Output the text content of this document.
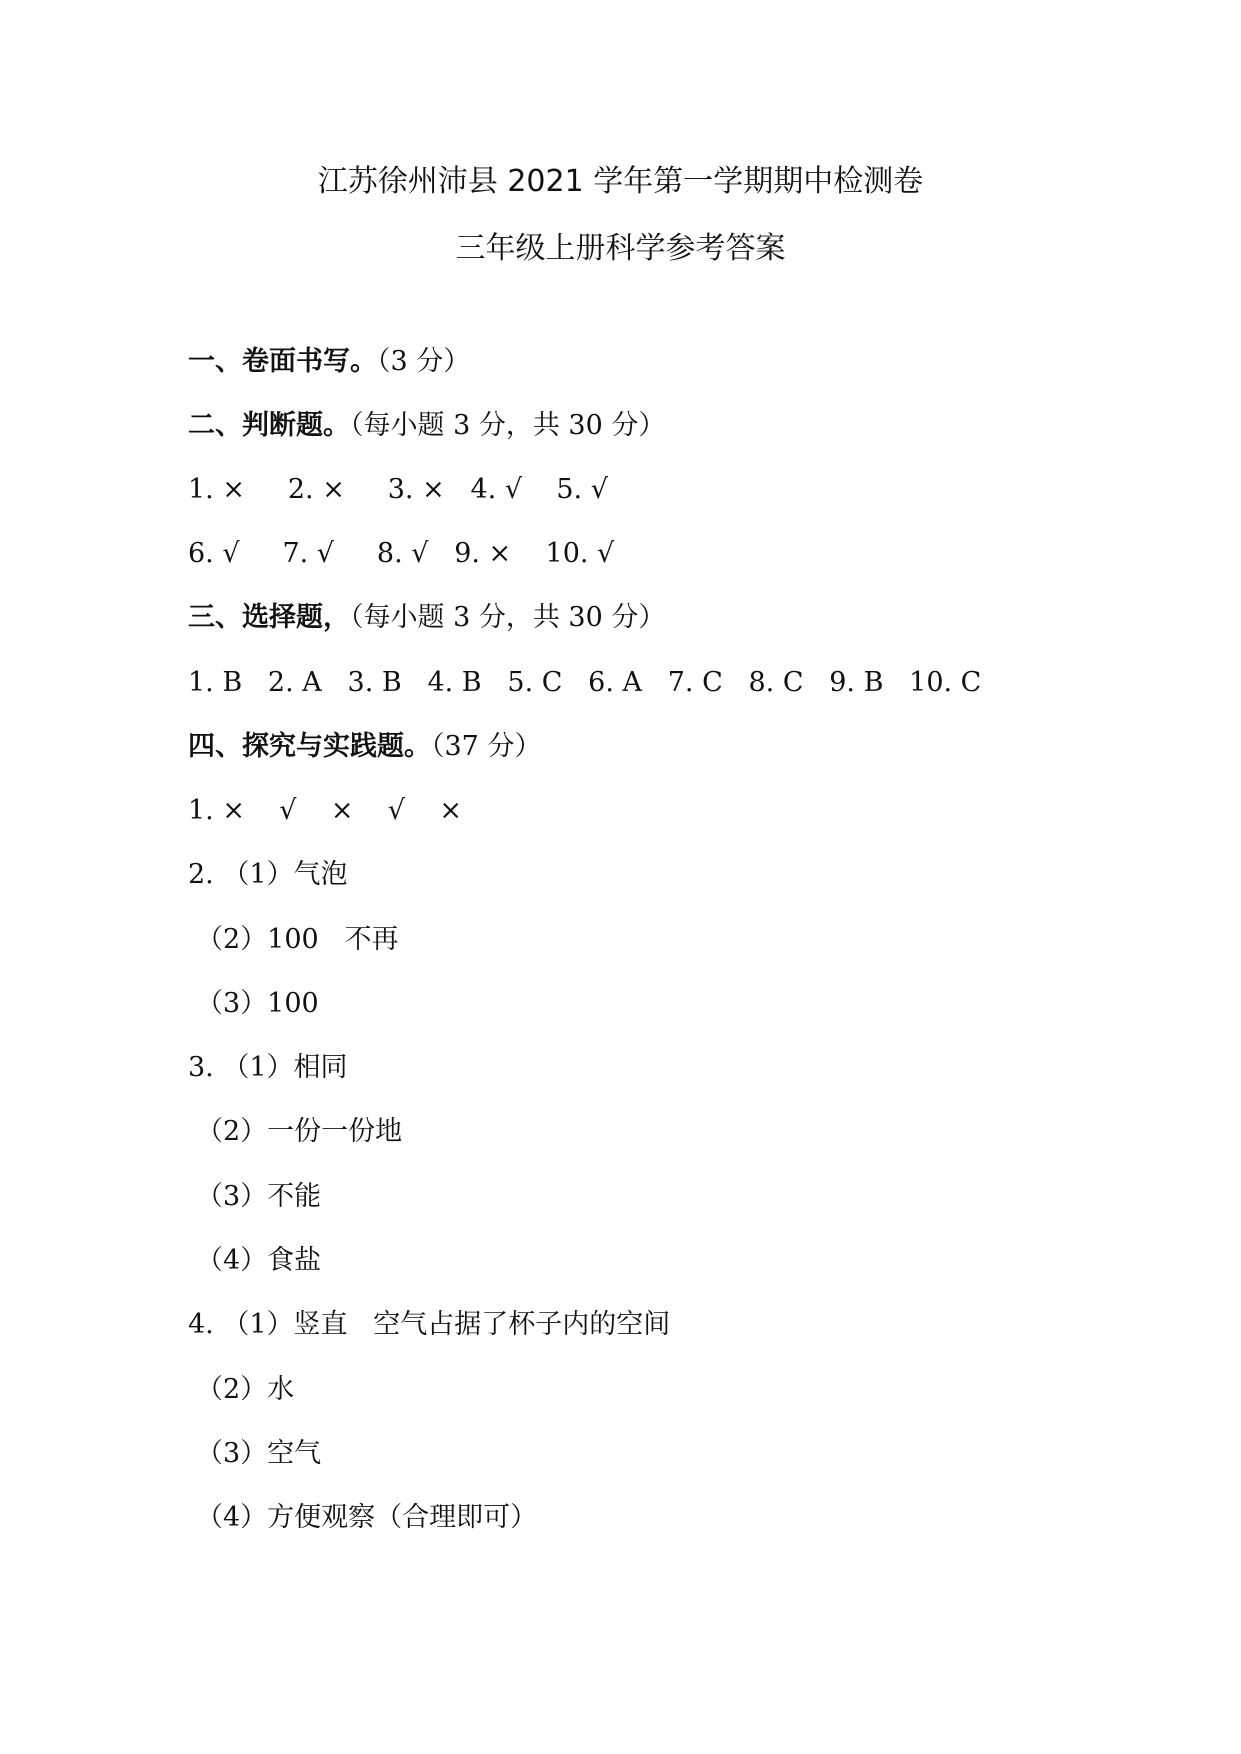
江苏徐州沛县 2021 学年第一学期期中检测卷
三年级上册科学参考答案
一、卷面书写。（3 分）
二、判断题。（每小题 3 分，共 30 分）
1. ×     2. ×     3. ×   4. √    5. √
6. √     7. √     8. √   9. ×    10. √
三、选择题，（每小题 3 分，共 30 分）
1. B   2. A   3. B   4. B   5. C   6. A   7. C   8. C   9. B   10. C
四、探究与实践题。（37 分）
1. ×    √    ×    √    ×
2. （1）气泡
（2）100   不再
（3）100
3. （1）相同
（2）一份一份地
（3）不能
（4）食盐
4. （1）竖直   空气占据了杯子内的空间
（2）水
（3）空气
（4）方便观察（合理即可）
